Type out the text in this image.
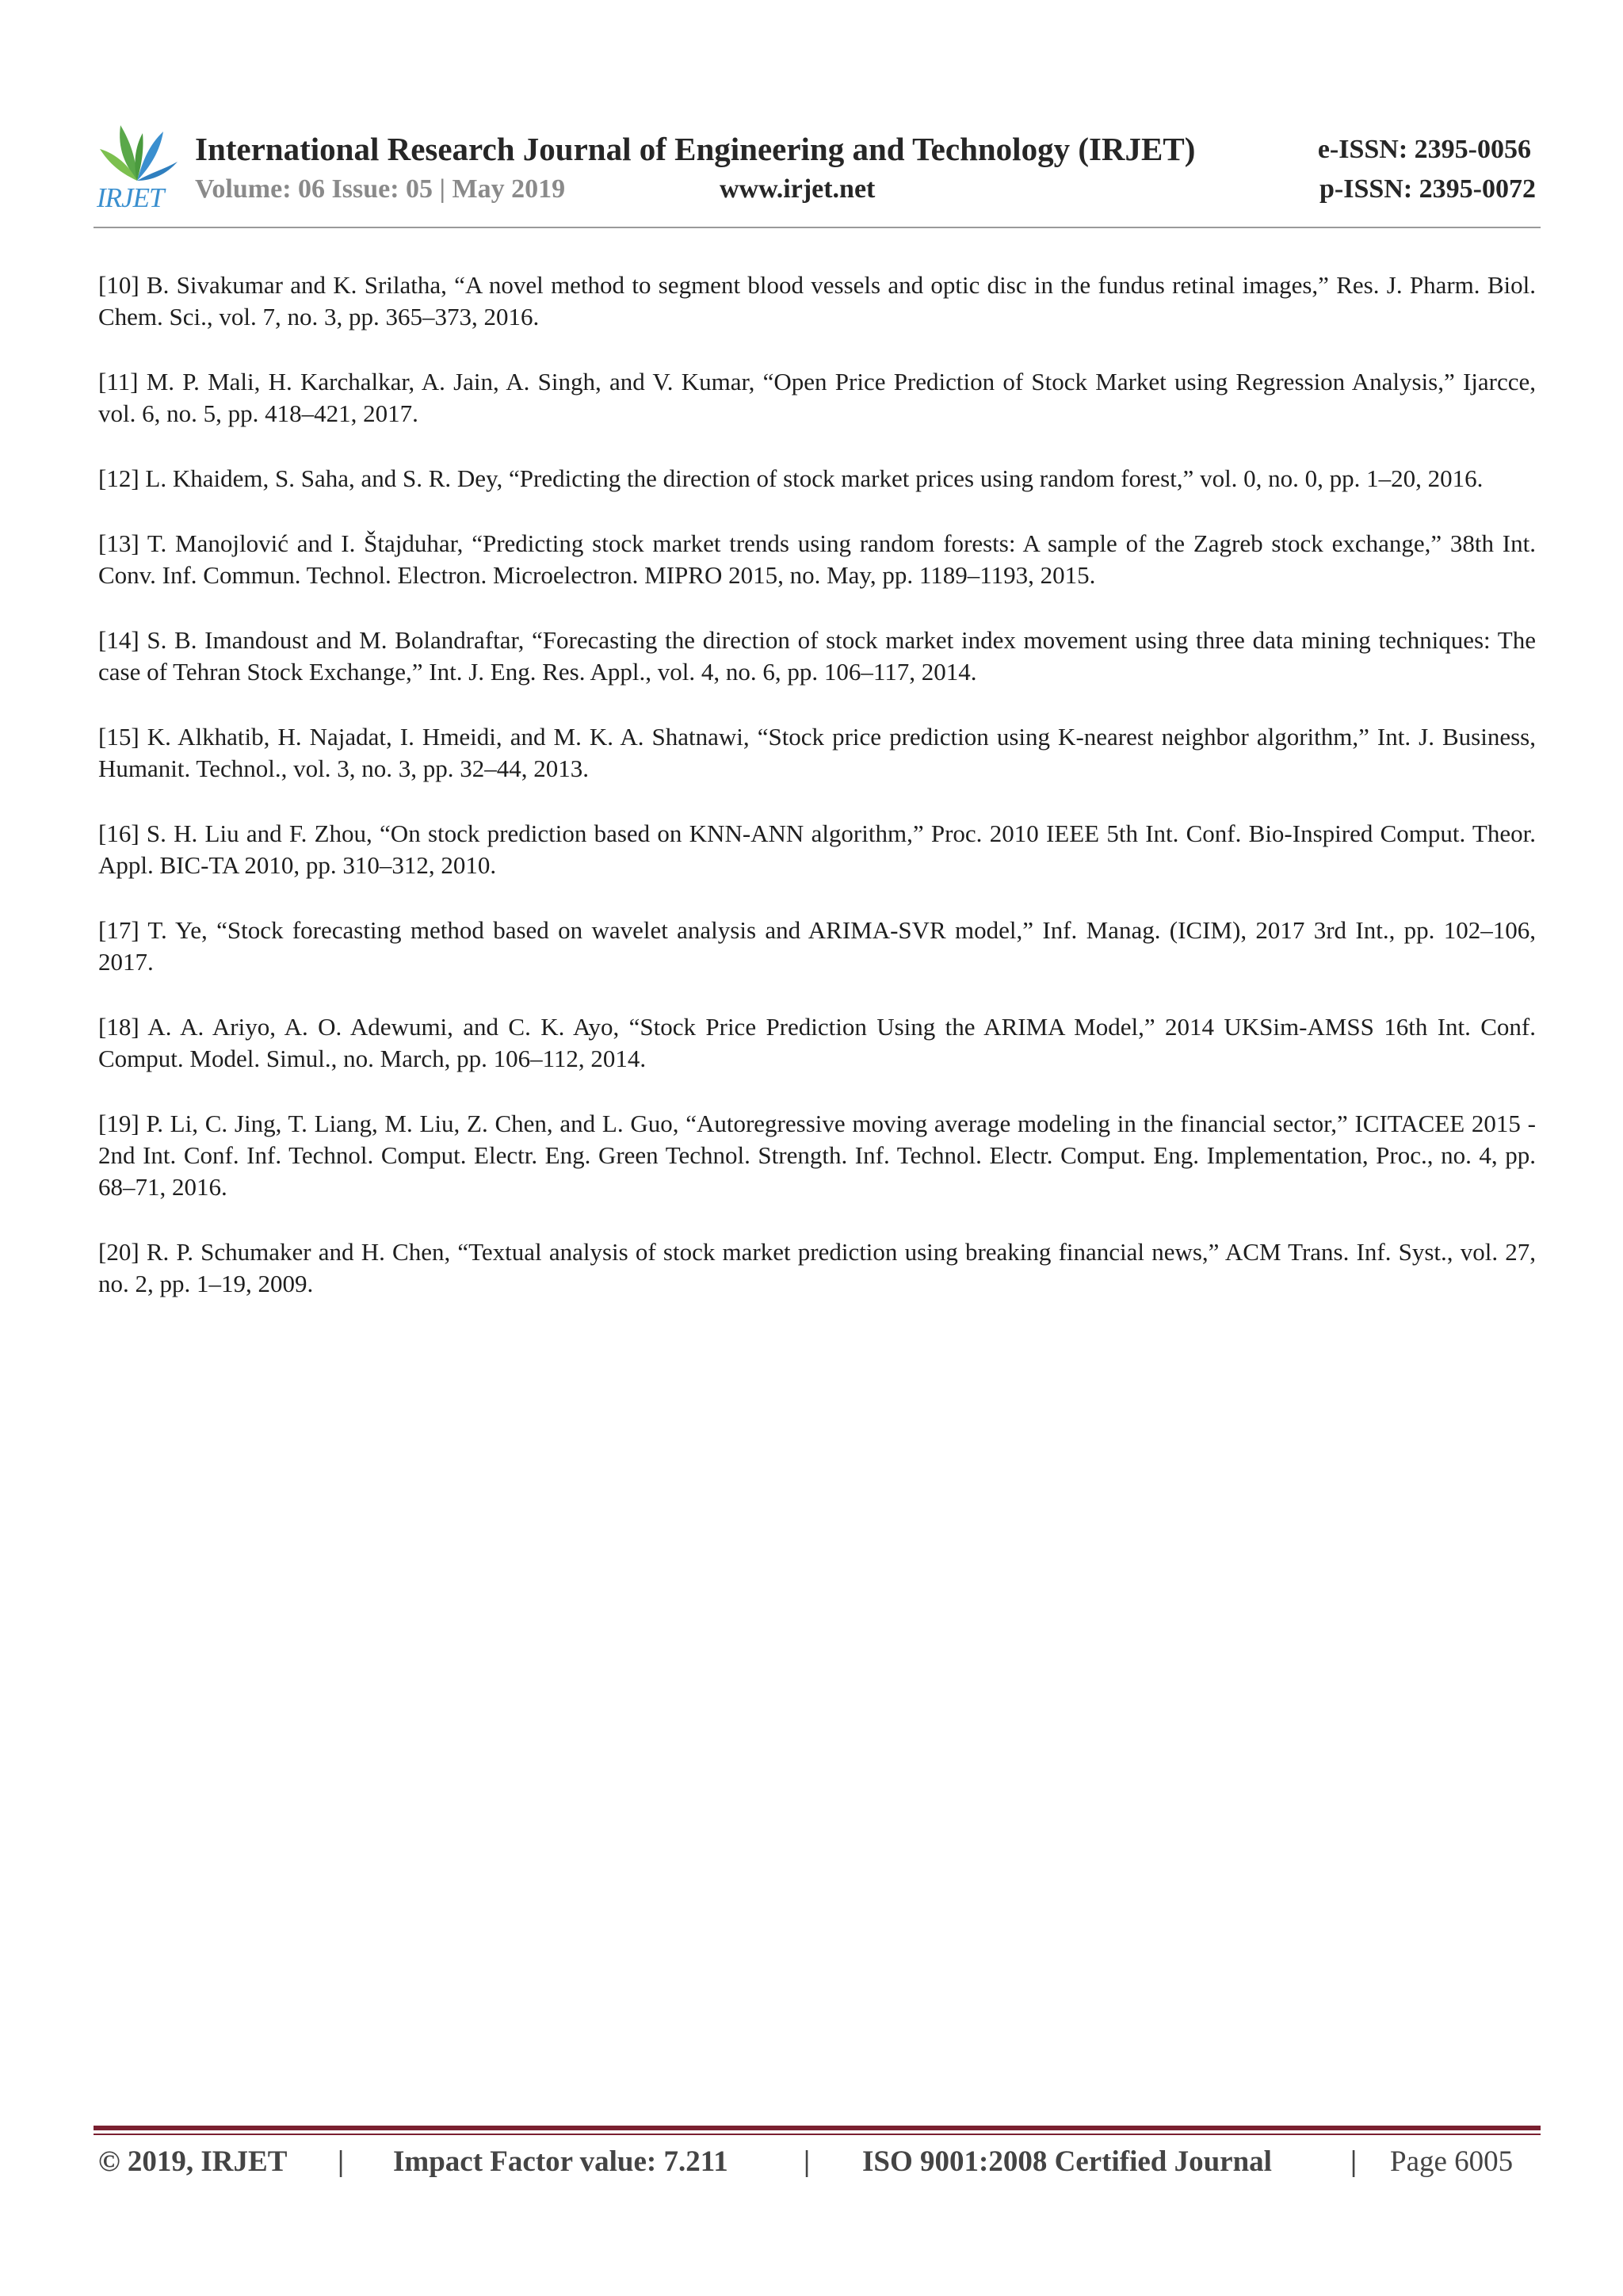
IRJET
International Research Journal of Engineering and Technology (IRJET)	e-ISSN: 2395-0056
Volume: 06 Issue: 05 | May 2019	www.irjet.net	p-ISSN: 2395-0072

[10] B. Sivakumar and K. Srilatha, “A novel method to segment blood vessels and optic disc in the fundus retinal images,” Res. J. Pharm. Biol. Chem. Sci., vol. 7, no. 3, pp. 365–373, 2016.

[11] M. P. Mali, H. Karchalkar, A. Jain, A. Singh, and V. Kumar, “Open Price Prediction of Stock Market using Regression Analysis,” Ijarcce, vol. 6, no. 5, pp. 418–421, 2017.

[12] L. Khaidem, S. Saha, and S. R. Dey, “Predicting the direction of stock market prices using random forest,” vol. 0, no. 0, pp. 1–20, 2016.

[13] T. Manojlović and I. Štajduhar, “Predicting stock market trends using random forests: A sample of the Zagreb stock exchange,” 38th Int. Conv. Inf. Commun. Technol. Electron. Microelectron. MIPRO 2015, no. May, pp. 1189–1193, 2015.

[14] S. B. Imandoust and M. Bolandraftar, “Forecasting the direction of stock market index movement using three data mining techniques: The case of Tehran Stock Exchange,” Int. J. Eng. Res. Appl., vol. 4, no. 6, pp. 106–117, 2014.

[15] K. Alkhatib, H. Najadat, I. Hmeidi, and M. K. A. Shatnawi, “Stock price prediction using K-nearest neighbor algorithm,” Int. J. Business, Humanit. Technol., vol. 3, no. 3, pp. 32–44, 2013.

[16] S. H. Liu and F. Zhou, “On stock prediction based on KNN-ANN algorithm,” Proc. 2010 IEEE 5th Int. Conf. Bio-Inspired Comput. Theor. Appl. BIC-TA 2010, pp. 310–312, 2010.

[17] T. Ye, “Stock forecasting method based on wavelet analysis and ARIMA-SVR model,” Inf. Manag. (ICIM), 2017 3rd Int., pp. 102–106, 2017.

[18] A. A. Ariyo, A. O. Adewumi, and C. K. Ayo, “Stock Price Prediction Using the ARIMA Model,” 2014 UKSim-AMSS 16th Int. Conf. Comput. Model. Simul., no. March, pp. 106–112, 2014.

[19] P. Li, C. Jing, T. Liang, M. Liu, Z. Chen, and L. Guo, “Autoregressive moving average modeling in the financial sector,” ICITACEE 2015 - 2nd Int. Conf. Inf. Technol. Comput. Electr. Eng. Green Technol. Strength. Inf. Technol. Electr. Comput. Eng. Implementation, Proc., no. 4, pp. 68–71, 2016.

[20] R. P. Schumaker and H. Chen, “Textual analysis of stock market prediction using breaking financial news,” ACM Trans. Inf. Syst., vol. 27, no. 2, pp. 1–19, 2009.

© 2019, IRJET | Impact Factor value: 7.211	| ISO 9001:2008 Certified Journal	| Page 6005
